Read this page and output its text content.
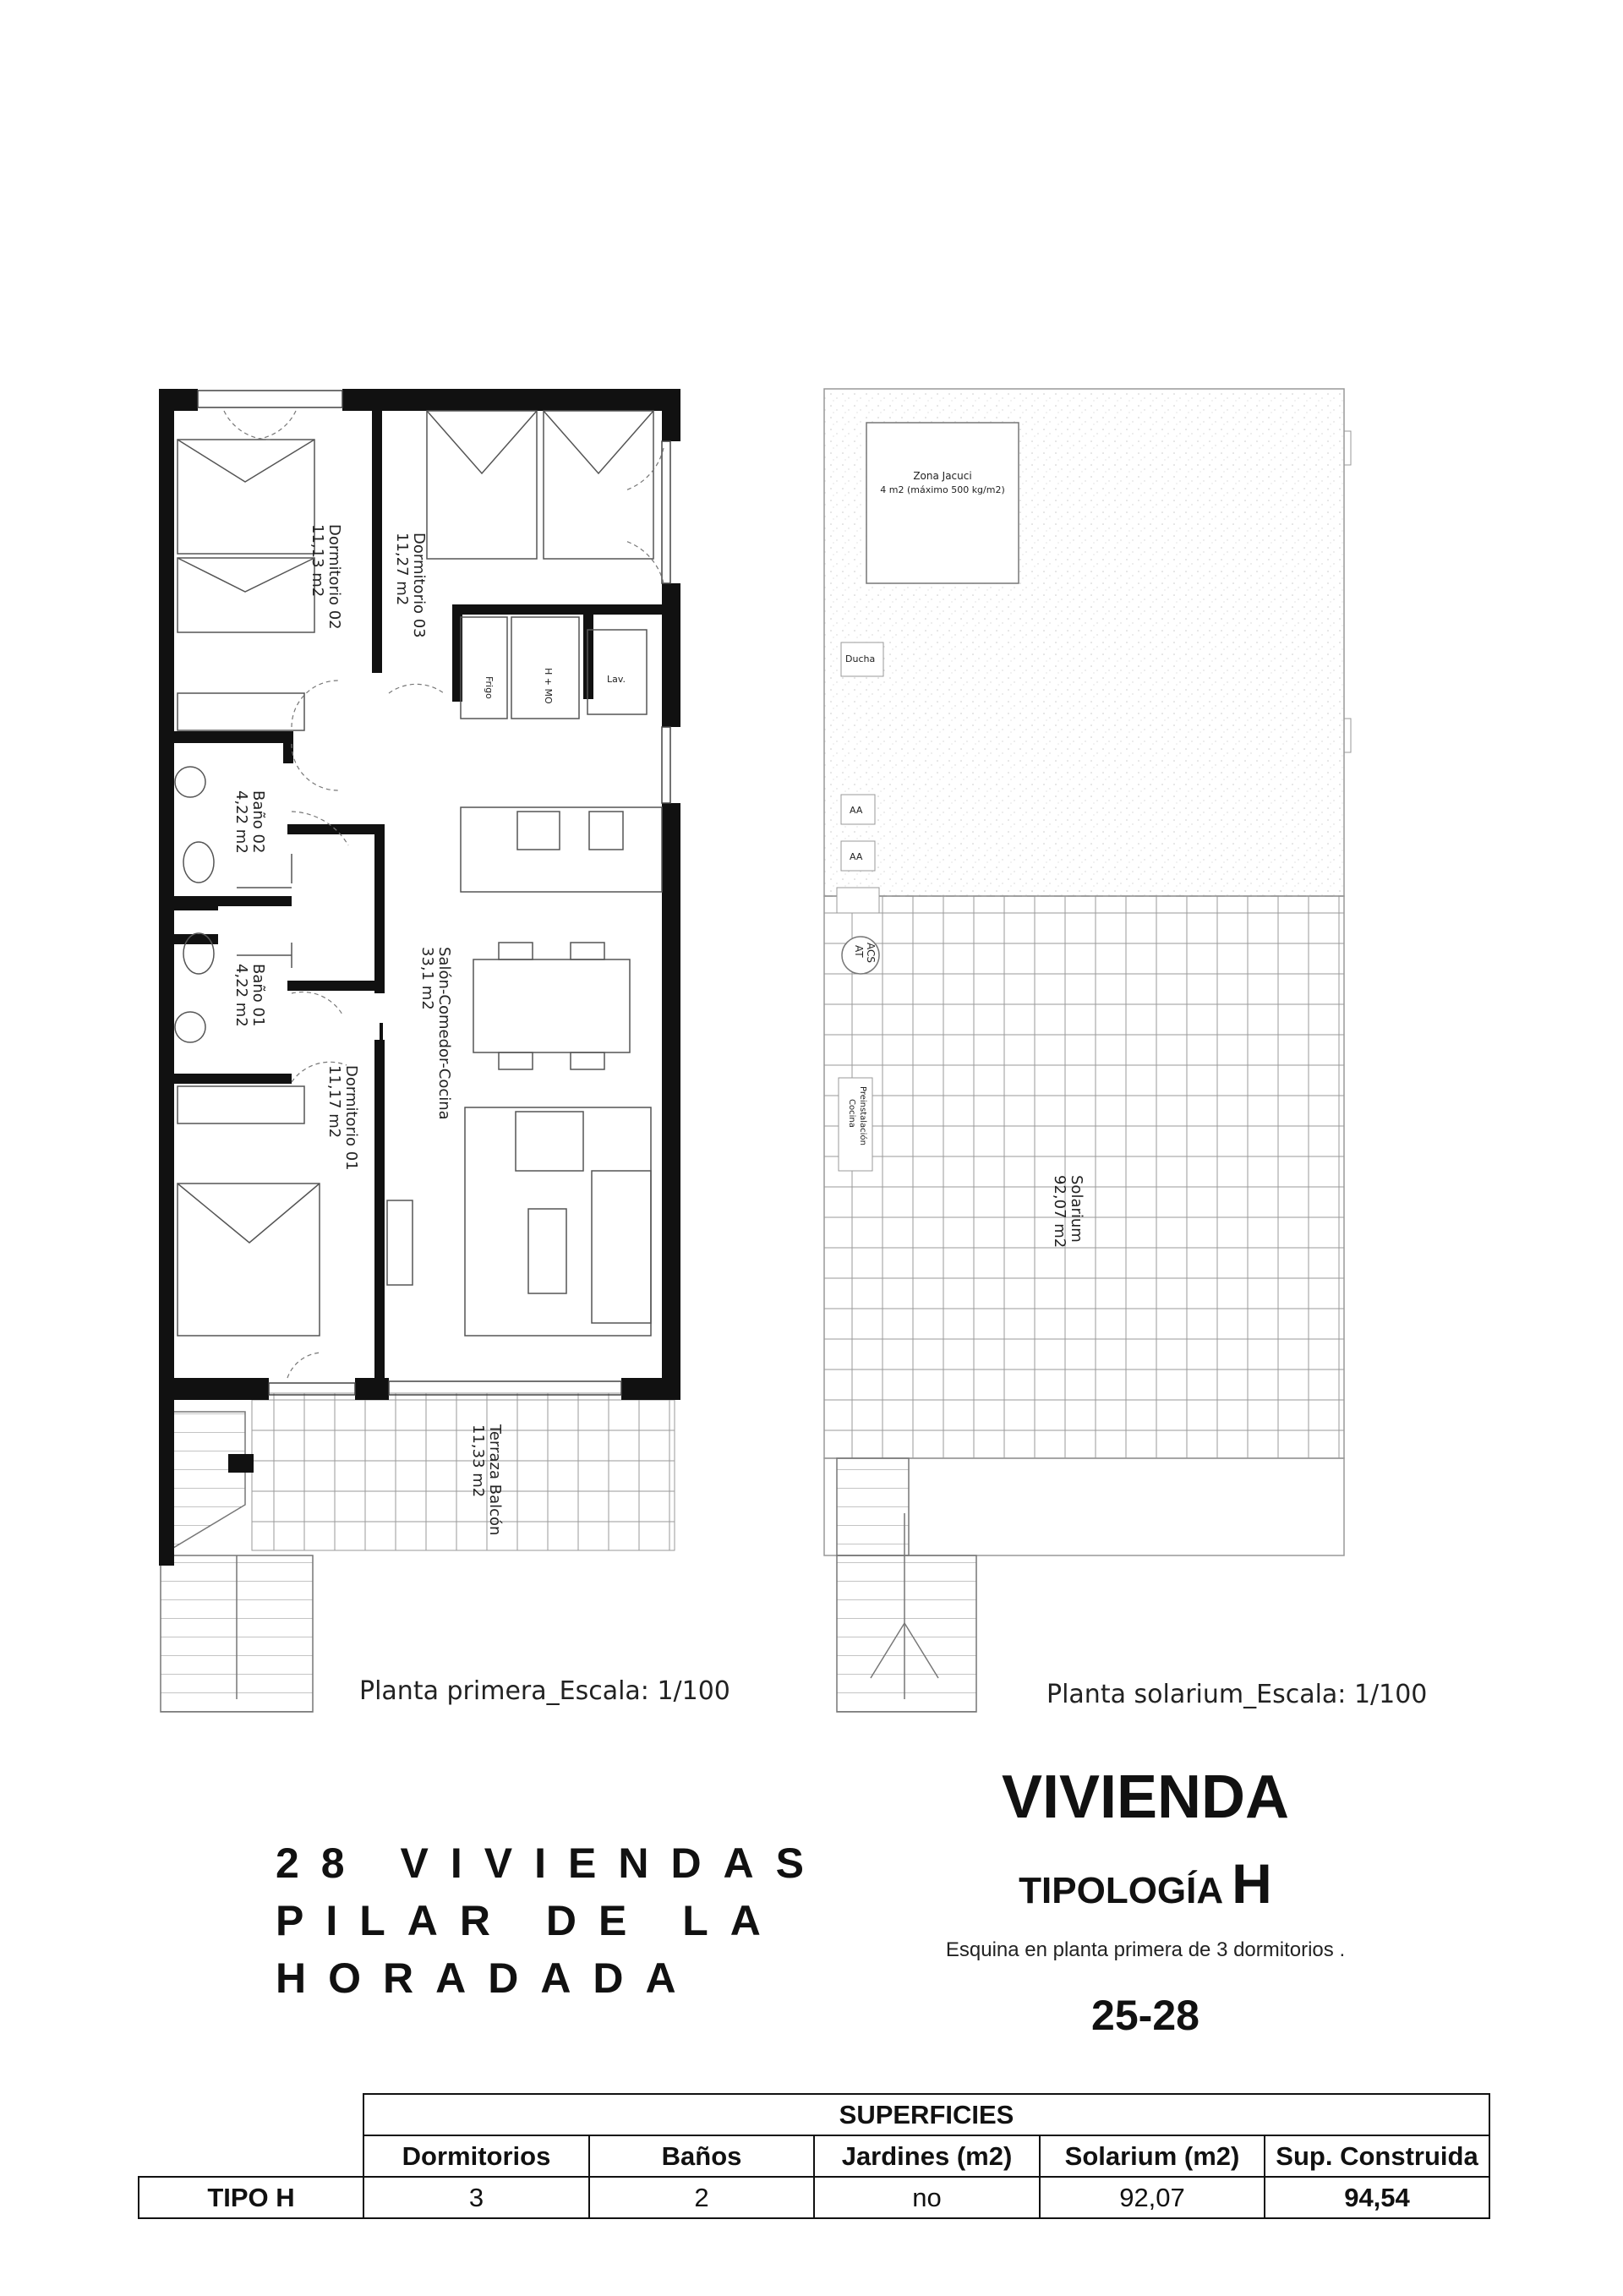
Dormitorio 02
11,13 m2	Dormitorio 03
11,27 m2
Baño 02
4,22 m2
Baño 01
4,22 m2
Dormitorio 01
11,17 m2	Salón-Comedor-Cocina
33,1 m2
Terraza Balcón
11,33 m2
Frigo	H + MO	Lav.
Zona Jacuci
4 m2 (máximo 500 kg/m2)
Ducha
AA
AA
ACS
AT
Preinstalación
Cocina
Solarium
92,07 m2
Planta primera_Escala: 1/100	Planta solarium_Escala: 1/100
28 VIVIENDAS
PILAR DE LA
HORADADA
VIVIENDA
TIPOLOGÍA H
Esquina en planta primera de 3 dormitorios .
25-28
	SUPERFICIES				
	Dormitorios	Baños	Jardines (m2)	Solarium (m2)	Sup. Construida
TIPO H	3	2	no	92,07	94,54
